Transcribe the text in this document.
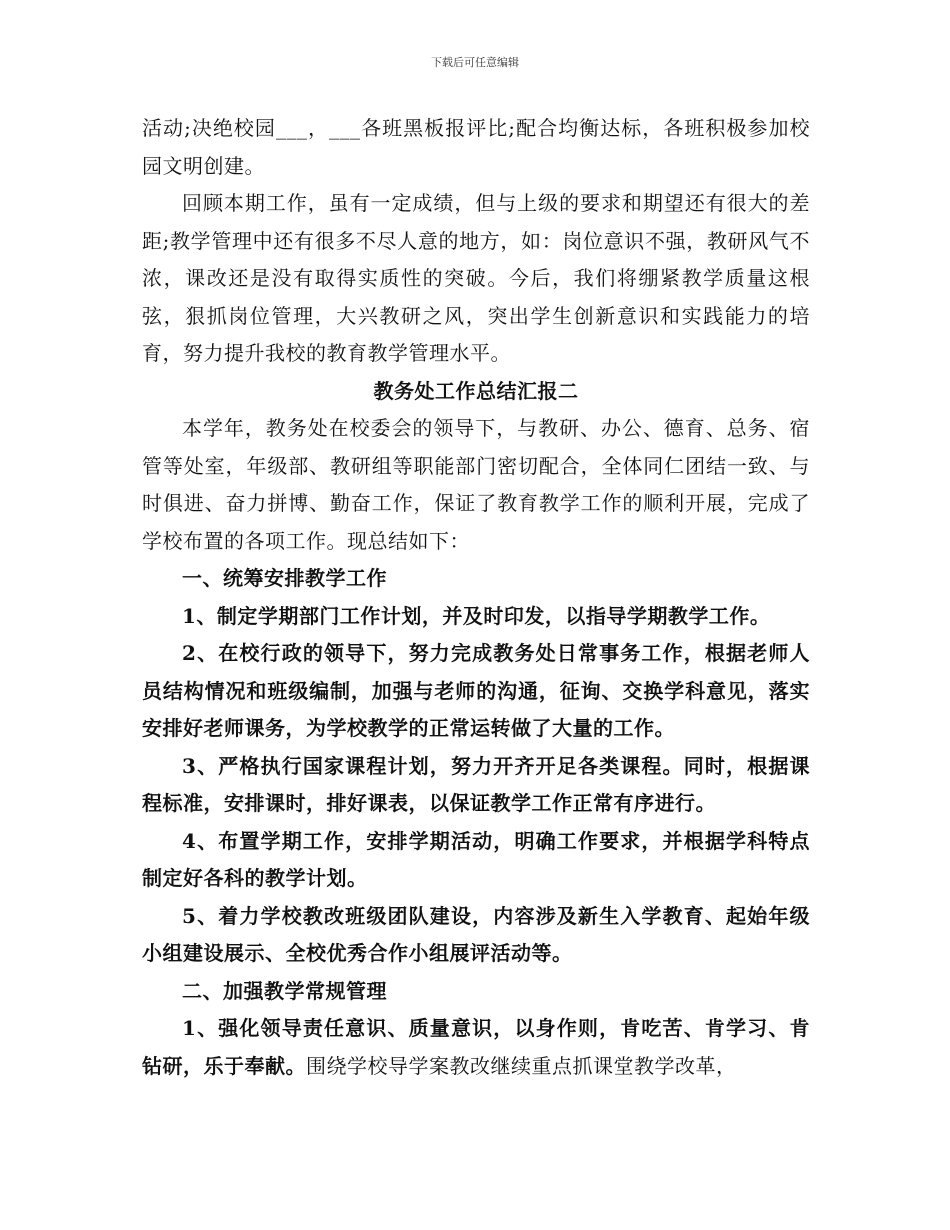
下载后可任意编辑

活动;决绝校园___，___各班黑板报评比;配合均衡达标，各班积极参加校园文明创建。

回顾本期工作，虽有一定成绩，但与上级的要求和期望还有很大的差距;教学管理中还有很多不尽人意的地方，如：岗位意识不强，教研风气不浓，课改还是没有取得实质性的突破。今后，我们将绷紧教学质量这根弦，狠抓岗位管理，大兴教研之风，突出学生创新意识和实践能力的培育，努力提升我校的教育教学管理水平。

教务处工作总结汇报二

本学年，教务处在校委会的领导下，与教研、办公、德育、总务、宿管等处室，年级部、教研组等职能部门密切配合，全体同仁团结一致、与时俱进、奋力拼博、勤奋工作，保证了教育教学工作的顺利开展，完成了学校布置的各项工作。现总结如下：

一、统筹安排教学工作

1、制定学期部门工作计划，并及时印发，以指导学期教学工作。

2、在校行政的领导下，努力完成教务处日常事务工作，根据老师人员结构情况和班级编制，加强与老师的沟通，征询、交换学科意见，落实安排好老师课务，为学校教学的正常运转做了大量的工作。

3、严格执行国家课程计划，努力开齐开足各类课程。同时，根据课程标准，安排课时，排好课表，以保证教学工作正常有序进行。

4、布置学期工作，安排学期活动，明确工作要求，并根据学科特点制定好各科的教学计划。

5、着力学校教改班级团队建设，内容涉及新生入学教育、起始年级小组建设展示、全校优秀合作小组展评活动等。

二、加强教学常规管理

1、强化领导责任意识、质量意识，以身作则，肯吃苦、肯学习、肯钻研，乐于奉献。围绕学校导学案教改继续重点抓课堂教学改革，
